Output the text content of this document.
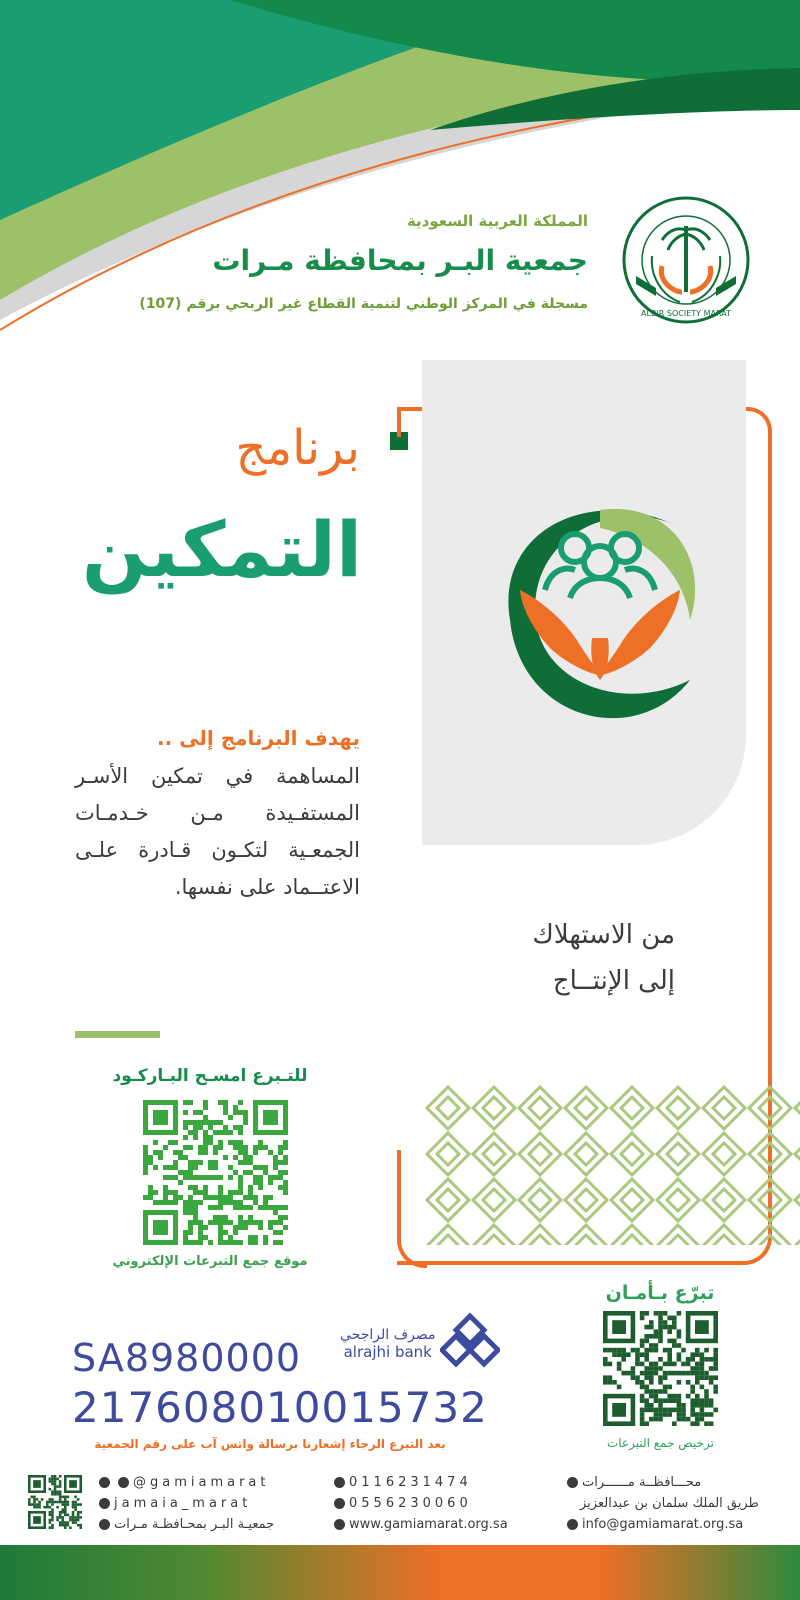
المملكة العربية السعودية
جمعية البـر بمحافظة مـرات
مسجلة في المركز الوطني لتنمية القطاع غير الربحي برقم (107)
ALBIR SOCIETY MARAT
برنامج
التمكين
من الاستهلاك
إلى الإنتــاج
يهدف البرنامج إلى ..
المساهمة في تمكين الأسـر المستفـيدة مـن خـدمـات الجمعـية لتكـون قـادرة علـى الاعتــماد على نفسها.
للتـبرع امسـح البـاركـود
موقع جمع التبرعات الإلكتروني
مصرف الراجحي
alrajhi bank
SA8980000
217608010015732
بعد التبرع الرجاء إشعارنا برسالة واتس آب على رقم الجمعية
تبرّع بـأمـان
ترخيص جمع التبرعات
@gamiamarat
jamaia_marat
جمعيـة البـر بمحـافظـة مـرات
0116231474
0556230060
www.gamiamarat.org.sa
محـــافظــة مــــــرات
طريق الملك سلمان بن عبدالعزيز
info@gamiamarat.org.sa
